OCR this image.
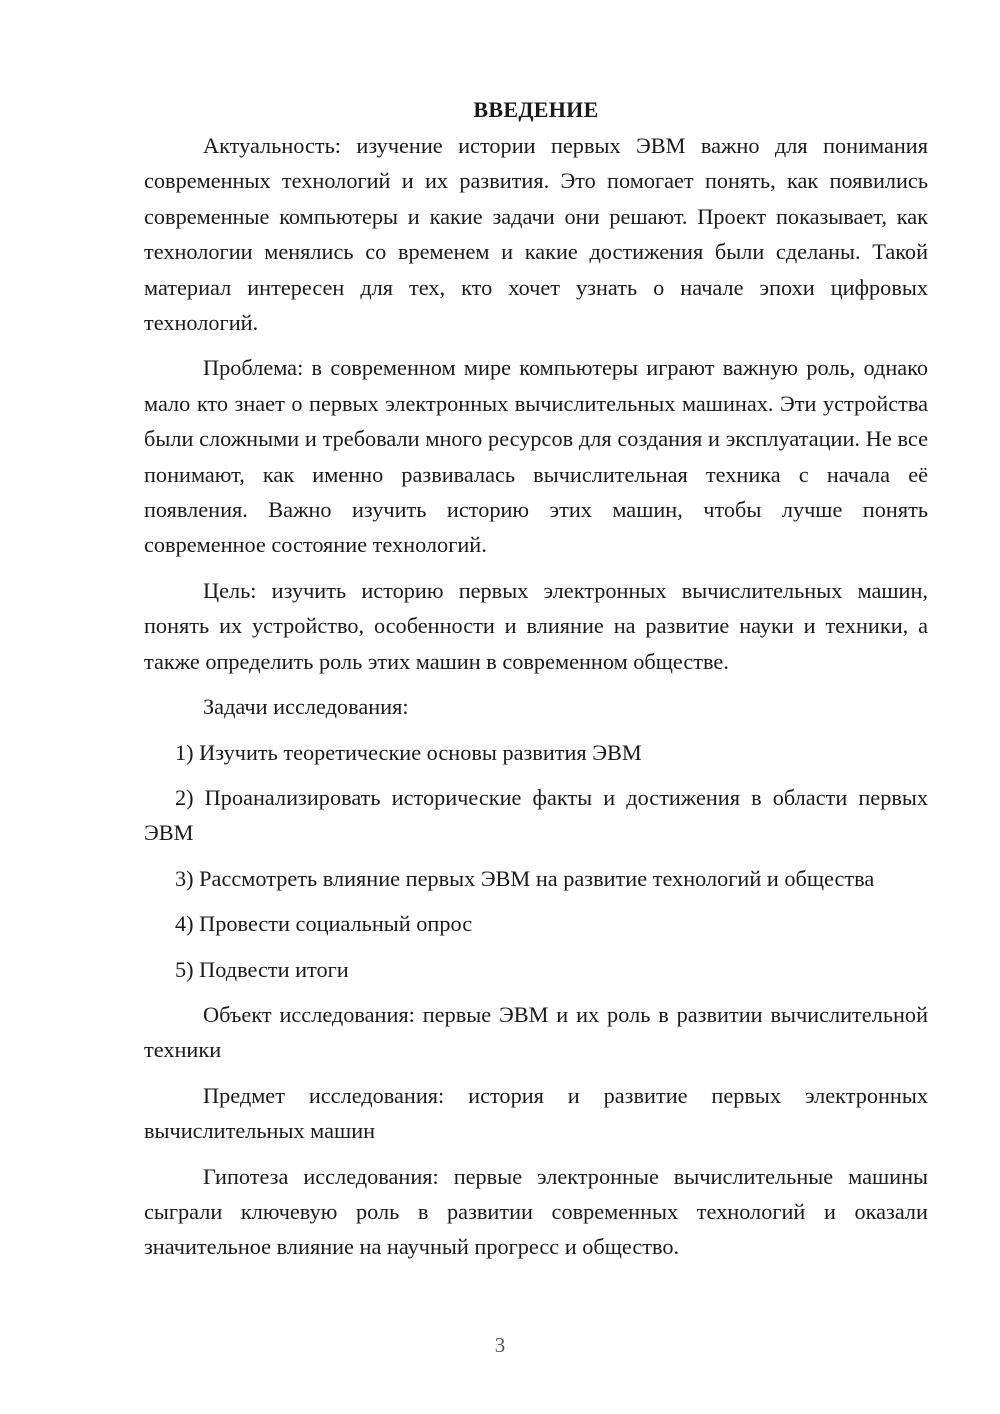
ВВЕДЕНИЕ

Актуальность: изучение истории первых ЭВМ важно для понимания современных технологий и их развития. Это помогает понять, как появились современные компьютеры и какие задачи они решают. Проект показывает, как технологии менялись со временем и какие достижения были сделаны. Такой материал интересен для тех, кто хочет узнать о начале эпохи цифровых технологий.

Проблема: в современном мире компьютеры играют важную роль, однако мало кто знает о первых электронных вычислительных машинах. Эти устройства были сложными и требовали много ресурсов для создания и эксплуатации. Не все понимают, как именно развивалась вычислительная техника с начала её появления. Важно изучить историю этих машин, чтобы лучше понять современное состояние технологий.

Цель: изучить историю первых электронных вычислительных машин, понять их устройство, особенности и влияние на развитие науки и техники, а также определить роль этих машин в современном обществе.

Задачи исследования:

1) Изучить теоретические основы развития ЭВМ

2) Проанализировать исторические факты и достижения в области первых ЭВМ

3) Рассмотреть влияние первых ЭВМ на развитие технологий и общества

4) Провести социальный опрос

5) Подвести итоги

Объект исследования: первые ЭВМ и их роль в развитии вычислительной техники

Предмет исследования: история и развитие первых электронных вычислительных машин

Гипотеза исследования: первые электронные вычислительные машины сыграли ключевую роль в развитии современных технологий и оказали значительное влияние на научный прогресс и общество.

3
